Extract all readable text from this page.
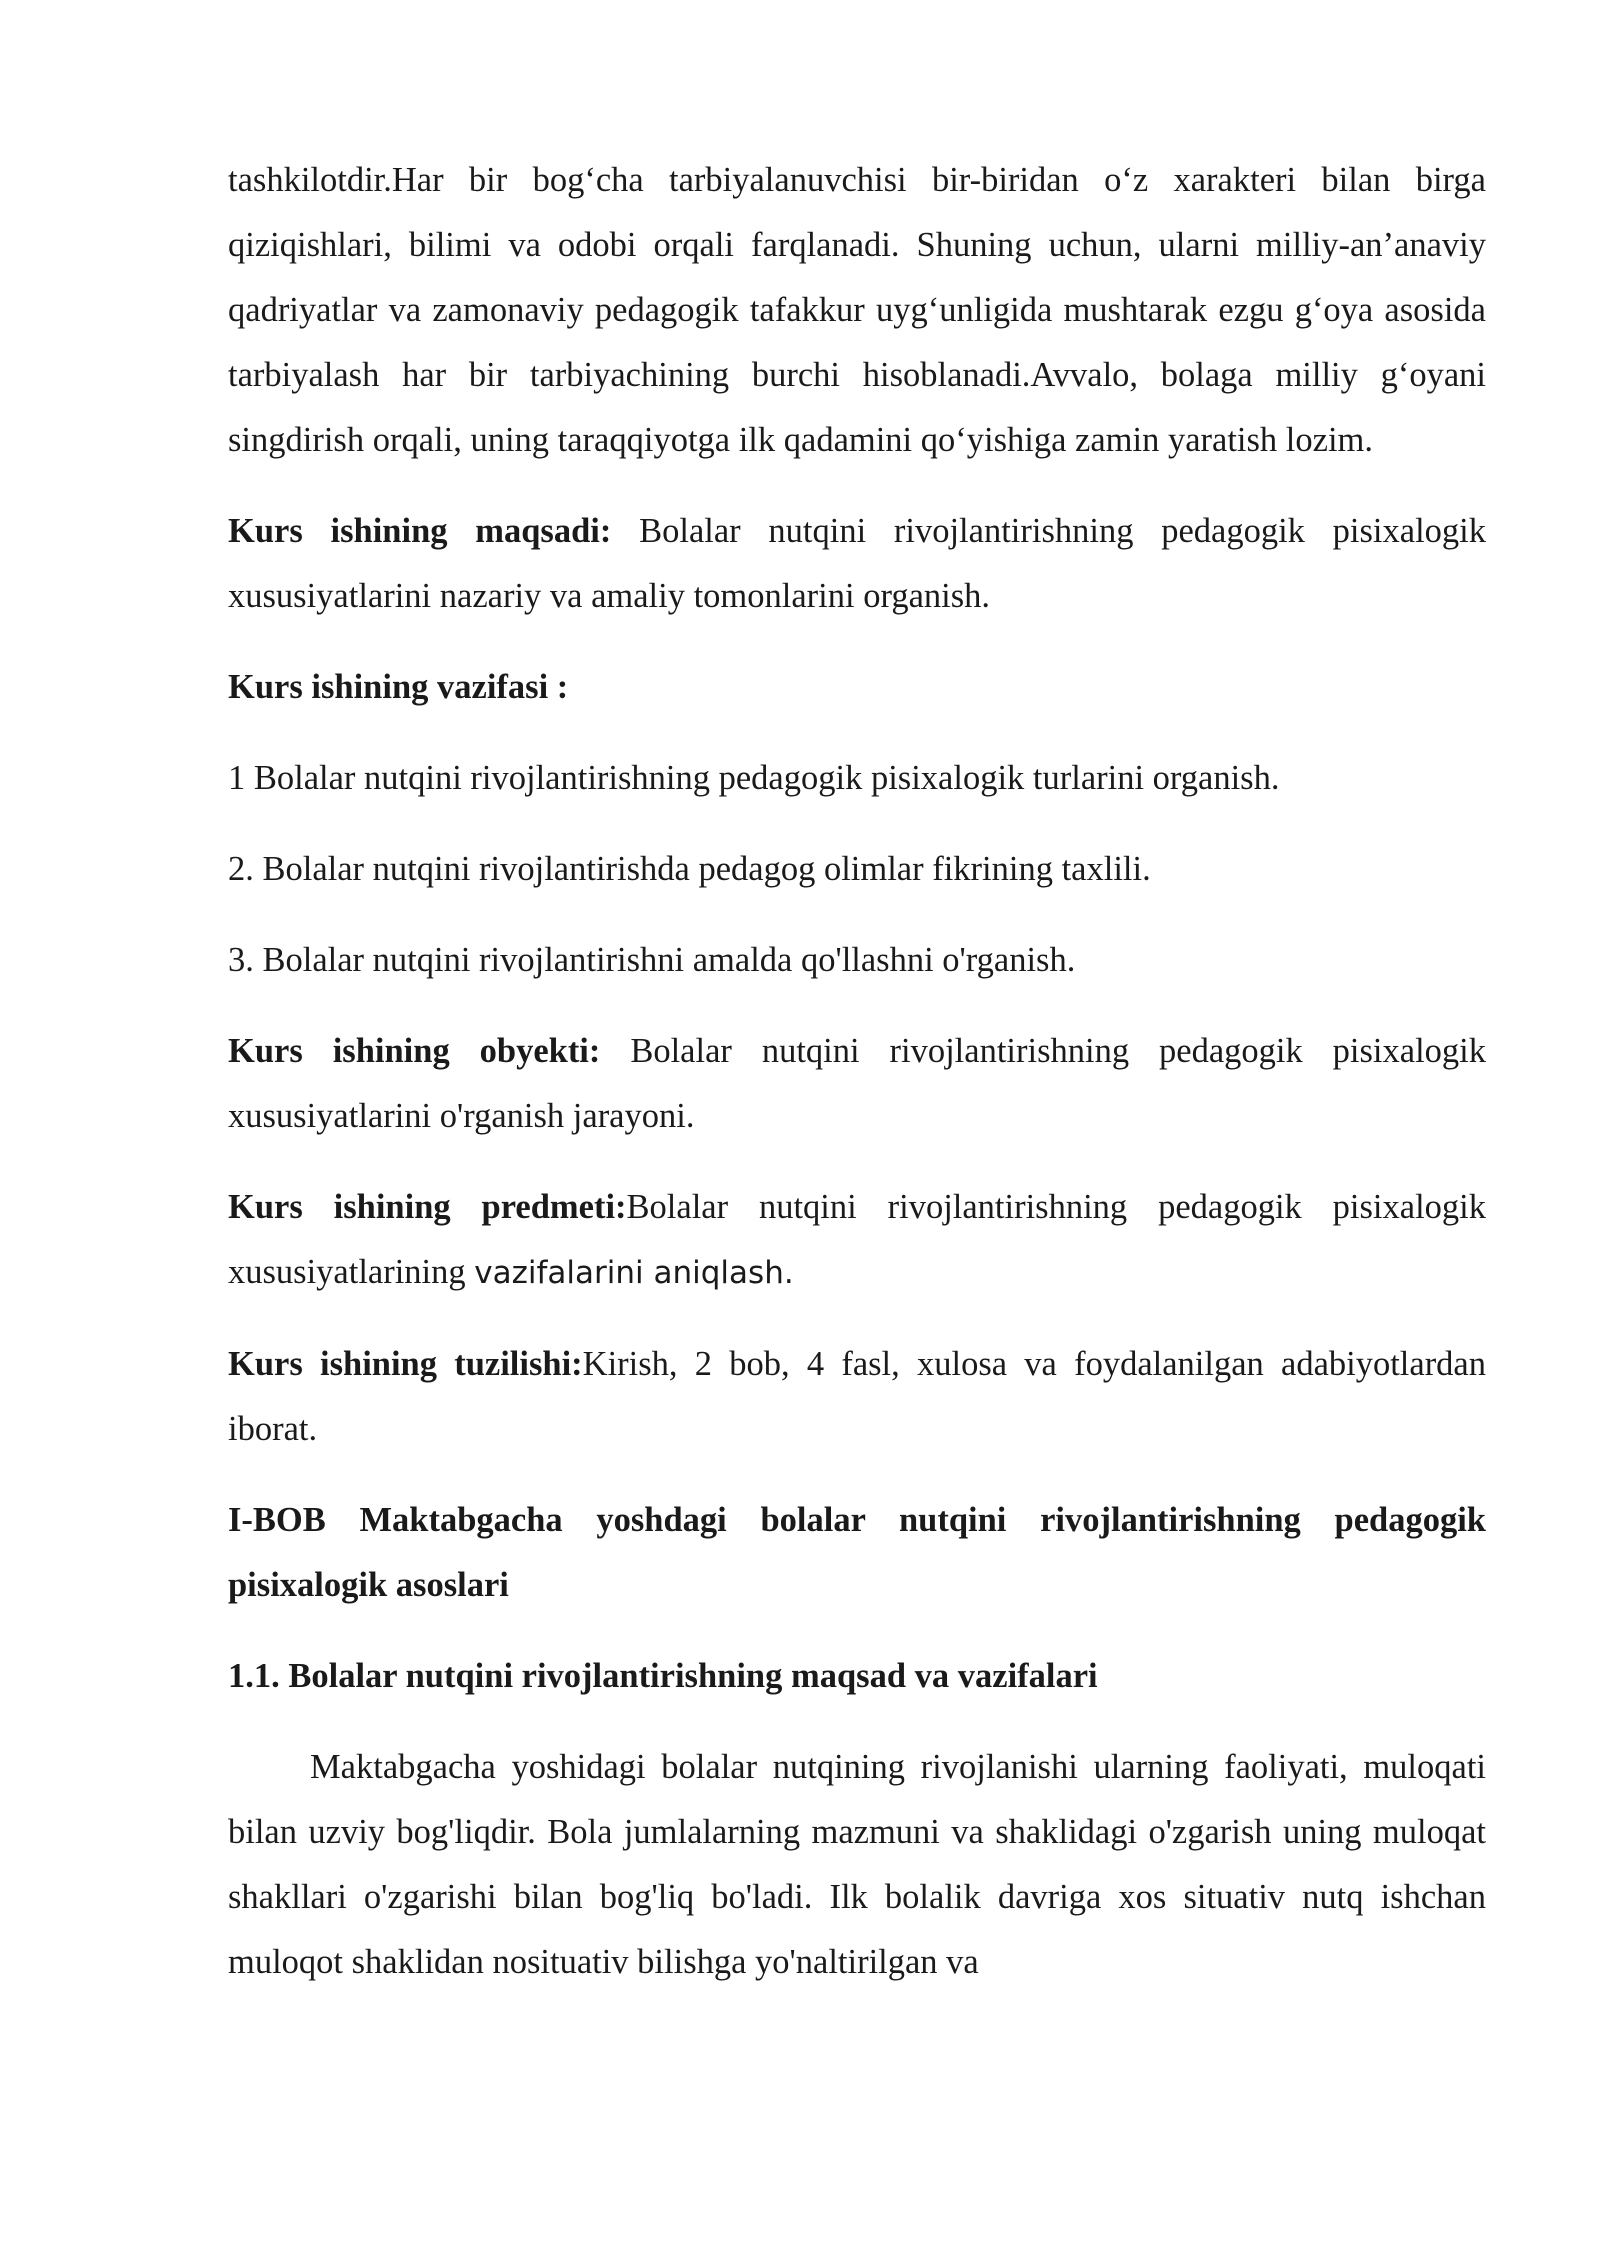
tashkilotdir.Har bir bog‘cha tarbiyalanuvchisi bir-biridan o‘z xarakteri bilan birga qiziqishlari, bilimi va odobi orqali farqlanadi. Shuning uchun, ularni milliy-an’anaviy qadriyatlar va zamonaviy pedagogik tafakkur uyg‘unligida mushtarak ezgu g‘oya asosida tarbiyalash har bir tarbiyachining burchi hisoblanadi.Avvalo, bolaga milliy g‘oyani singdirish orqali, uning taraqqiyotga ilk qadamini qo‘yishiga zamin yaratish lozim.

Kurs ishining maqsadi: Bolalar nutqini rivojlantirishning pedagogik pisixalogik xususiyatlarini nazariy va amaliy tomonlarini organish.

Kurs ishining vazifasi :

1 Bolalar nutqini rivojlantirishning pedagogik pisixalogik turlarini organish.

2. Bolalar nutqini rivojlantirishda pedagog olimlar fikrining taxlili.

3. Bolalar nutqini rivojlantirishni amalda qo'llashni o'rganish.

Kurs ishining obyekti: Bolalar nutqini rivojlantirishning pedagogik pisixalogik xususiyatlarini o'rganish jarayoni.

Kurs ishining predmeti:Bolalar nutqini rivojlantirishning pedagogik pisixalogik xususiyatlarining vazifalarini aniqlash.

Kurs ishining tuzilishi:Kirish, 2 bob, 4 fasl, xulosa va foydalanilgan adabiyotlardan iborat.

I-BOB Maktabgacha yoshdagi bolalar nutqini rivojlantirishning pedagogik pisixalogik asoslari

1.1. Bolalar nutqini rivojlantirishning maqsad va vazifalari

Maktabgacha yoshidagi bolalar nutqining rivojlanishi ularning faoliyati, muloqati bilan uzviy bog'liqdir. Bola jumlalarning mazmuni va shaklidagi o'zgarish uning muloqat shakllari o'zgarishi bilan bog'liq bo'ladi. Ilk bolalik davriga xos situativ nutq ishchan muloqot shaklidan nosituativ bilishga yo'naltirilgan va
